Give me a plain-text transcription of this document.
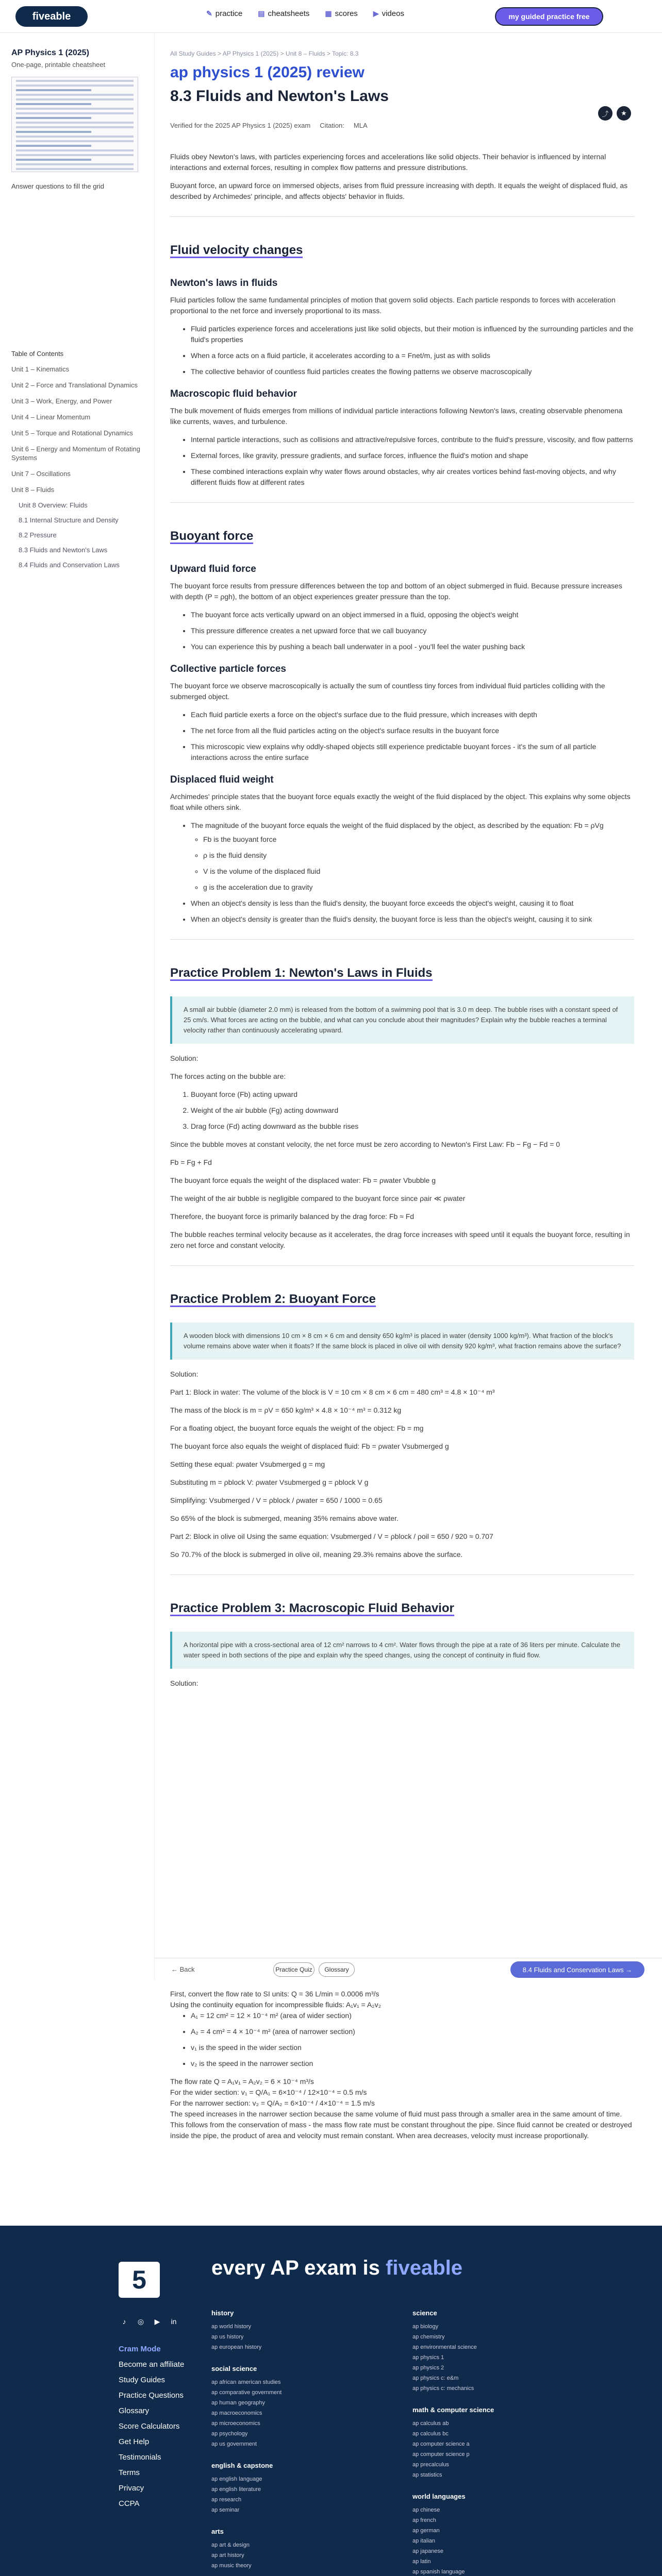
fiveable	✎ practice ▤ cheatsheets ▦ scores ▶ videos	my guided practice free
AP Physics 1 (2025)
One-page, printable cheatsheet
Answer questions to fill the grid
Table of Contents
Unit 1 – Kinematics
Unit 2 – Force and Translational Dynamics
Unit 3 – Work, Energy, and Power
Unit 4 – Linear Momentum
Unit 5 – Torque and Rotational Dynamics
Unit 6 – Energy and Momentum of Rotating Systems
Unit 7 – Oscillations
Unit 8 – Fluids
Unit 8 Overview: Fluids
8.1 Internal Structure and Density
8.2 Pressure
8.3 Fluids and Newton's Laws
8.4 Fluids and Conservation Laws
All Study Guides > AP Physics 1 (2025) > Unit 8 – Fluids > Topic: 8.3
ap physics 1 (2025) review
8.3 Fluids and Newton's Laws
⤴	★
Verified for the 2025 AP Physics 1 (2025) exam Citation: MLA

Fluids obey Newton's laws, with particles experiencing forces and accelerations like solid objects. Their behavior is influenced by internal interactions and external forces, resulting in complex flow patterns and pressure distributions.

Buoyant force, an upward force on immersed objects, arises from fluid pressure increasing with depth. It equals the weight of displaced fluid, as described by Archimedes' principle, and affects objects' behavior in fluids.

Fluid velocity changes
Newton's laws in fluids

Fluid particles follow the same fundamental principles of motion that govern solid objects. Each particle responds to forces with acceleration proportional to the net force and inversely proportional to its mass.

• Fluid particles experience forces and accelerations just like solid objects, but their motion is influenced by the surrounding particles and the fluid's properties
• When a force acts on a fluid particle, it accelerates according to a = Fnet/m, just as with solids
• The collective behavior of countless fluid particles creates the flowing patterns we observe macroscopically
Macroscopic fluid behavior

The bulk movement of fluids emerges from millions of individual particle interactions following Newton's laws, creating observable phenomena like currents, waves, and turbulence.

• Internal particle interactions, such as collisions and attractive/repulsive forces, contribute to the fluid's pressure, viscosity, and flow patterns
• External forces, like gravity, pressure gradients, and surface forces, influence the fluid's motion and shape
• These combined interactions explain why water flows around obstacles, why air creates vortices behind fast-moving objects, and why different fluids flow at different rates
Buoyant force
Upward fluid force

The buoyant force results from pressure differences between the top and bottom of an object submerged in fluid. Because pressure increases with depth (P = ρgh), the bottom of an object experiences greater pressure than the top.

• The buoyant force acts vertically upward on an object immersed in a fluid, opposing the object's weight
• This pressure difference creates a net upward force that we call buoyancy
• You can experience this by pushing a beach ball underwater in a pool - you'll feel the water pushing back
Collective particle forces

The buoyant force we observe macroscopically is actually the sum of countless tiny forces from individual fluid particles colliding with the submerged object.

• Each fluid particle exerts a force on the object's surface due to the fluid pressure, which increases with depth
• The net force from all the fluid particles acting on the object's surface results in the buoyant force
• This microscopic view explains why oddly-shaped objects still experience predictable buoyant forces - it's the sum of all particle interactions across the entire surface
Displaced fluid weight

Archimedes' principle states that the buoyant force equals exactly the weight of the fluid displaced by the object. This explains why some objects float while others sink.

• The magnitude of the buoyant force equals the weight of the fluid displaced by the object, as described by the equation: Fb = ρVg
◦ Fb is the buoyant force
◦ ρ is the fluid density
◦ V is the volume of the displaced fluid
◦ g is the acceleration due to gravity
• When an object's density is less than the fluid's density, the buoyant force exceeds the object's weight, causing it to float
• When an object's density is greater than the fluid's density, the buoyant force is less than the object's weight, causing it to sink
Practice Problem 1: Newton's Laws in Fluids
A small air bubble (diameter 2.0 mm) is released from the bottom of a swimming pool that is 3.0 m deep. The bubble rises with a constant speed of 25 cm/s. What forces are acting on the bubble, and what can you conclude about their magnitudes? Explain why the bubble reaches a terminal velocity rather than continuously accelerating upward.

Solution:

The forces acting on the bubble are:

1. Buoyant force (Fb) acting upward
2. Weight of the air bubble (Fg) acting downward
3. Drag force (Fd) acting downward as the bubble rises

Since the bubble moves at constant velocity, the net force must be zero according to Newton's First Law: Fb − Fg − Fd = 0

Fb = Fg + Fd

The buoyant force equals the weight of the displaced water: Fb = ρwater Vbubble g

The weight of the air bubble is negligible compared to the buoyant force since ρair ≪ ρwater

Therefore, the buoyant force is primarily balanced by the drag force: Fb ≈ Fd

The bubble reaches terminal velocity because as it accelerates, the drag force increases with speed until it equals the buoyant force, resulting in zero net force and constant velocity.

Practice Problem 2: Buoyant Force
A wooden block with dimensions 10 cm × 8 cm × 6 cm and density 650 kg/m³ is placed in water (density 1000 kg/m³). What fraction of the block's volume remains above water when it floats? If the same block is placed in olive oil with density 920 kg/m³, what fraction remains above the surface?

Solution:

Part 1: Block in water: The volume of the block is V = 10 cm × 8 cm × 6 cm = 480 cm³ = 4.8 × 10⁻⁴ m³

The mass of the block is m = ρV = 650 kg/m³ × 4.8 × 10⁻⁴ m³ = 0.312 kg

For a floating object, the buoyant force equals the weight of the object: Fb = mg

The buoyant force also equals the weight of displaced fluid: Fb = ρwater Vsubmerged g

Setting these equal: ρwater Vsubmerged g = mg

Substituting m = ρblock V: ρwater Vsubmerged g = ρblock V g

Simplifying: Vsubmerged / V = ρblock / ρwater = 650 / 1000 = 0.65

So 65% of the block is submerged, meaning 35% remains above water.

Part 2: Block in olive oil Using the same equation: Vsubmerged / V = ρblock / ρoil = 650 / 920 ≈ 0.707

So 70.7% of the block is submerged in olive oil, meaning 29.3% remains above the surface.

Practice Problem 3: Macroscopic Fluid Behavior
A horizontal pipe with a cross-sectional area of 12 cm² narrows to 4 cm². Water flows through the pipe at a rate of 36 liters per minute. Calculate the water speed in both sections of the pipe and explain why the speed changes, using the concept of continuity in fluid flow.

Solution:

← Back	Practice Quiz	Glossary	8.4 Fluids and Conservation Laws →

First, convert the flow rate to SI units: Q = 36 L/min = 0.0006 m³/s

Using the continuity equation for incompressible fluids: A₁v₁ = A₂v₂

• A₁ = 12 cm² = 12 × 10⁻⁴ m² (area of wider section)
• A₂ = 4 cm² = 4 × 10⁻⁴ m² (area of narrower section)
• v₁ is the speed in the wider section
• v₂ is the speed in the narrower section

The flow rate Q = A₁v₁ = A₂v₂ = 6 × 10⁻⁴ m³/s

For the wider section: v₁ = Q/A₁ = 6×10⁻⁴ / 12×10⁻⁴ = 0.5 m/s

For the narrower section: v₂ = Q/A₂ = 6×10⁻⁴ / 4×10⁻⁴ = 1.5 m/s

The speed increases in the narrower section because the same volume of fluid must pass through a smaller area in the same amount of time. This follows from the conservation of mass - the mass flow rate must be constant throughout the pipe. Since fluid cannot be created or destroyed inside the pipe, the product of area and velocity must remain constant. When area decreases, velocity must increase proportionally.

5	every AP exam is fiveable
♪	◎	▶	in
Cram Mode
Become an affiliate
Study Guides
Practice Questions
Glossary
Score Calculators
Get Help
Testimonials
Terms
Privacy
CCPA
history
ap world history
ap us history
ap european history
social science
ap african american studies
ap comparative government
ap human geography
ap macroeconomics
ap microeconomics
ap psychology
ap us government
english & capstone
ap english language
ap english literature
ap research
ap seminar
arts
ap art & design
ap art history
ap music theory
science
ap biology
ap chemistry
ap environmental science
ap physics 1
ap physics 2
ap physics c: e&m
ap physics c: mechanics
math & computer science
ap calculus ab
ap calculus bc
ap computer science a
ap computer science p
ap precalculus
ap statistics
world languages
ap chinese
ap french
ap german
ap italian
ap japanese
ap latin
ap spanish language
